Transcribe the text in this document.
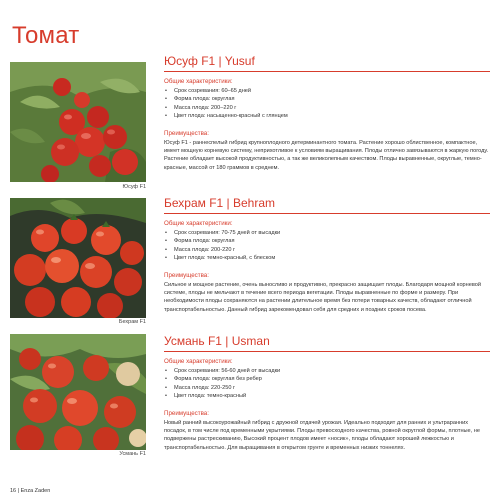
Томат
Юсуф F1
Бехрам F1
Усмань F1
Юсуф F1 | Yusuf
Общие характеристики:
• Срок созревания: 60–65 дней
• Форма плода: округлая
• Масса плода: 200–220 г
• Цвет плода: насыщенно-красный с глянцем
Преимущества:

Юсуф F1 - раннеспелый гибрид крупноплодного детерминантного томата. Растение хорошо облиственное, компактное, имеет мощную корневую систему, неприхотливое к условиям выращивания. Плоды отлично завязываются в жаркую погоду. Растение обладает высокой продуктивностью, а так же великолепным качеством. Плоды выравненные, округлые, темно-красные, массой от 180 граммов в среднем.

Бехрам F1 | Behram
Общие характеристики:
• Срок созревания: 70-75 дней от высадки
• Форма плода: округлая
• Масса плода: 200-220 г
• Цвет плода: темно-красный, с блеском
Преимущества:

Сильное и мощное растение, очень выносливо и продуктивно, прекрасно защищает плоды. Благодаря мощной корневой системе, плоды не мельчают в течение всего периода вегетации. Плоды выравненные по форме и размеру. При необходимости плоды сохраняются на растении длительное время без потери товарных качеств, обладают отличной транспортабельностью. Данный гибрид зарекомендовал себя для средних и поздних сроков посева.

Усмань F1 | Usman
Общие характеристики:
• Срок созревания: 56-60 дней от высадки
• Форма плода: округлая без ребер
• Масса плода: 220-250 г
• Цвет плода: темно-красный
Преимущества:

Новый ранний высокоурожайный гибрид с дружной отдачей урожая. Идеально подходит для ранних и ультраранних посадок, в том числе под временными укрытиями. Плоды превосходного качества, ровной округлой формы, плотные, не подвержены растрескиванию, Высокий процент плодов имеет «носик», плоды обладают хорошей лежкостью и транспортабельностью. Для выращивания в открытом грунте и временных низких тоннелях.

16 | Enza Zaden
